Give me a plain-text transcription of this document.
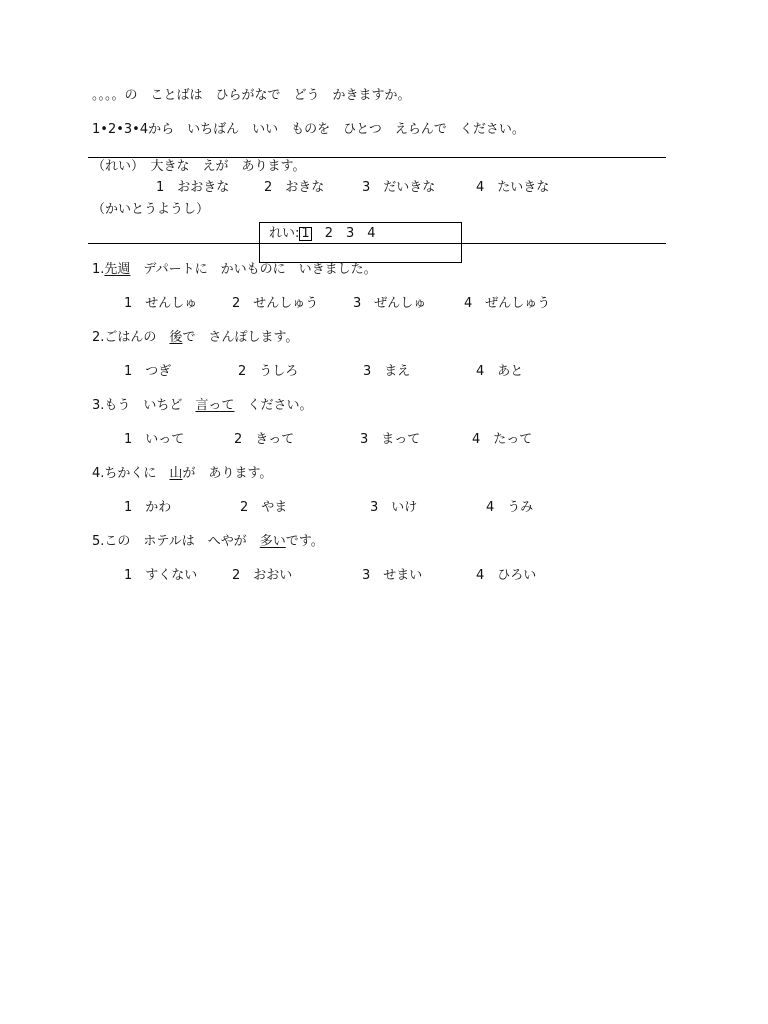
。。。。の　ことばは　ひらがなで　どう　かきますか。
1•2•3•4から　いちばん　いい　ものを　ひとつ　えらんで　ください。
（れい）　大きな　えが　あります。
1　おおきな	2　おきな	3　だいきな	4　たいきな
（かいとうようし）
れい: 1　 2　3　4
1.先週　デパートに　かいものに　いきました。
1　せんしゅ	2　せんしゅう	3　ぜんしゅ	4　ぜんしゅう
2.ごはんの　後で　さんぽします。
1　つぎ	2　うしろ	3　まえ	4　あと
3.もう　いちど　言って　ください。
1　いって	2　きって	3　まって	4　たって
4.ちかくに　山が　あります。
1　かわ	2　やま	3　いけ	4　うみ
5.この　ホテルは　へやが　多いです。
1　すくない	2　おおい	3　せまい	4　ひろい
